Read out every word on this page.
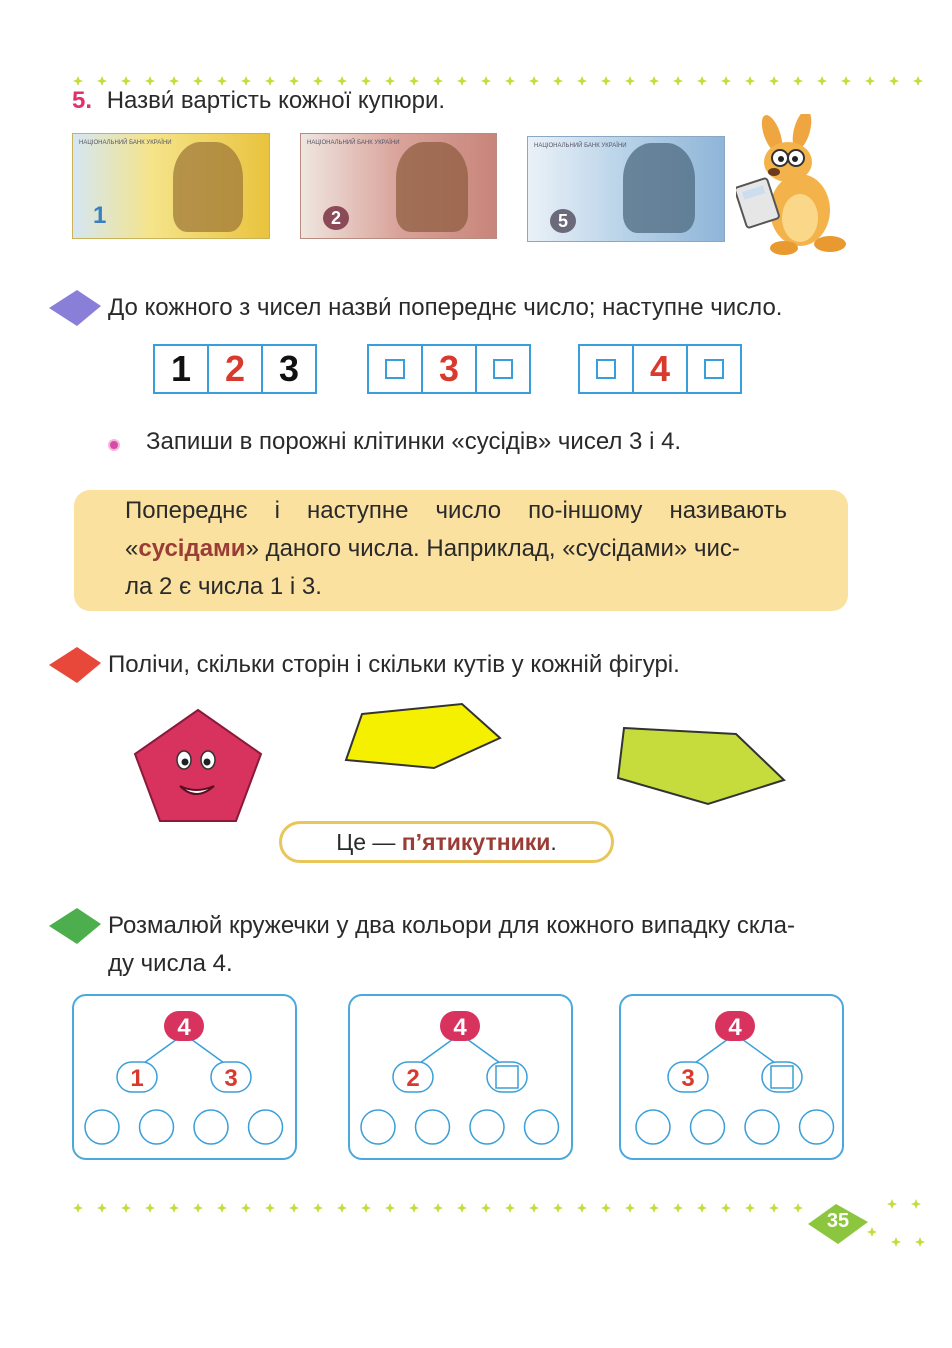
5. Назви́ вартість кожної купюри.
НАЦІОНАЛЬНИЙ БАНК УКРАЇНИ
1
НАЦІОНАЛЬНИЙ БАНК УКРАЇНИ
2
НАЦІОНАЛЬНИЙ БАНК УКРАЇНИ
5
До кожного з чисел назви́ попереднє число; наступне число.
1 2 3	3	4
Запиши в порожні клітинки «сусідів» чисел 3 і 4.
Попереднє і наступне число по-іншому називають
«сусідами» даного числа. Наприклад, «сусідами» чис-
ла 2 є числа 1 і 3.
Полічи, скільки сторін і скільки кутів у кожній фігурі.
Це — п’ятикутники .
Розмалюй кружечки у два кольори для кожного випадку скла-
ду числа 4.
4
1	3
4
2
4
3
35
